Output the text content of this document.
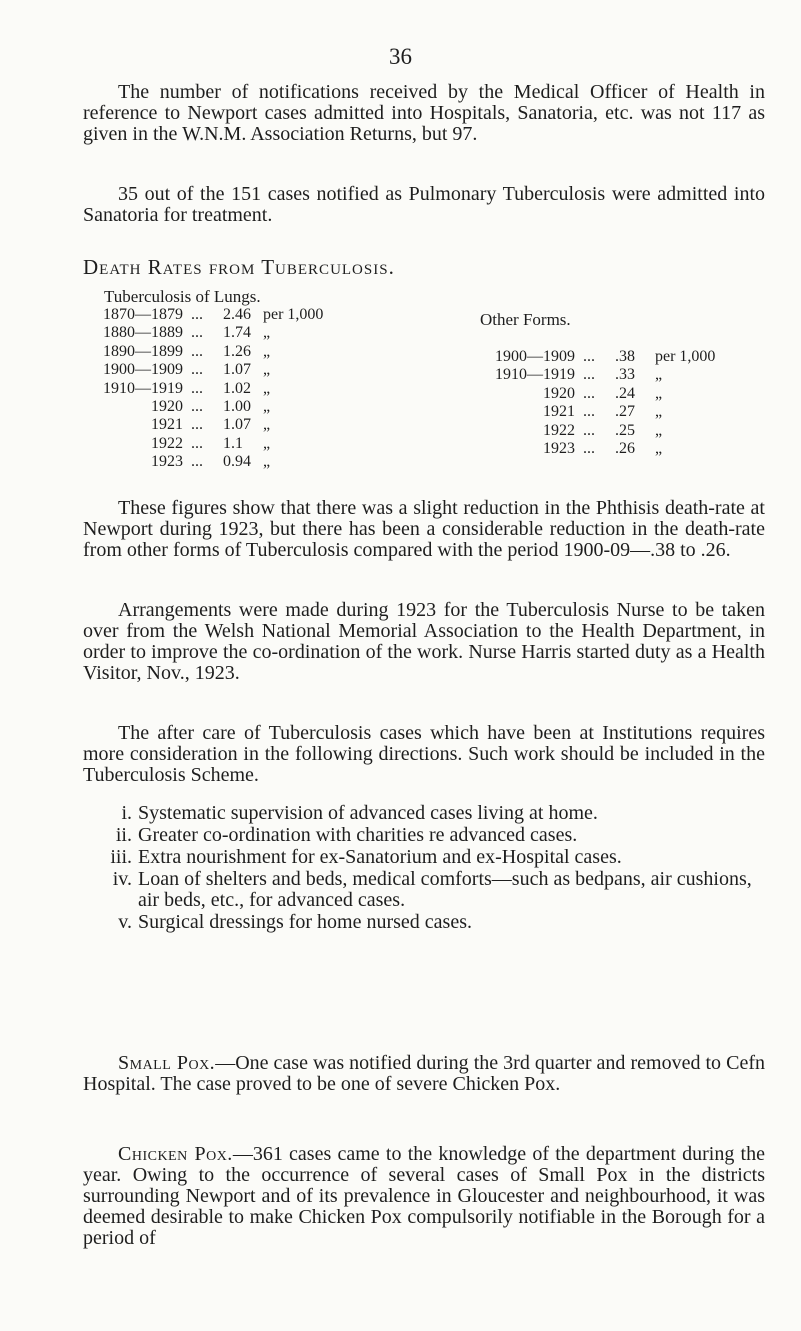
36

The number of notifications received by the Medical Officer of Health in reference to Newport cases admitted into Hospitals, Sanatoria, etc. was not 117 as given in the W.N.M. Association Returns, but 97.

35 out of the 151 cases notified as Pulmonary Tuberculosis were admitted into Sanatoria for treatment.

Death Rates from Tuberculosis.
Tuberculosis of Lungs.
1870—1879 ...	2.46 per 1,000
1880—1889 ...	1.74 „
1890—1899 ...	1.26 „
1900—1909 ...	1.07 „
1910—1919 ...	1.02 „
1920 ...	1.00 „
1921 ...	1.07 „
1922 ...	1.1	„
1923 ...	0.94 „
Other Forms.
1900—1909 ...	.38	per 1,000
1910—1919 ...	.33	„
1920 ...	.24	„
1921 ...	.27	„
1922 ...	.25	„
1923 ...	.26	„

These figures show that there was a slight reduction in the Phthisis death-rate at Newport during 1923, but there has been a considerable reduction in the death-rate from other forms of Tuberculosis compared with the period 1900-09—.38 to .26.

Arrangements were made during 1923 for the Tuberculosis Nurse to be taken over from the Welsh National Memorial Association to the Health Department, in order to improve the co-ordination of the work. Nurse Harris started duty as a Health Visitor, Nov., 1923.

The after care of Tuberculosis cases which have been at Institutions requires more consideration in the following directions. Such work should be included in the Tuberculosis Scheme.

i. Systematic supervision of advanced cases living at home.
ii. Greater co-ordination with charities re advanced cases.
iii. Extra nourishment for ex-Sanatorium and ex-Hospital cases.
iv. Loan of shelters and beds, medical comforts—such as bedpans, air cushions, air beds, etc., for advanced cases.
v. Surgical dressings for home nursed cases.

Small Pox.—One case was notified during the 3rd quarter and removed to Cefn Hospital. The case proved to be one of severe Chicken Pox.

Chicken Pox.—361 cases came to the knowledge of the department during the year. Owing to the occurrence of several cases of Small Pox in the districts surrounding Newport and of its prevalence in Gloucester and neighbourhood, it was deemed desirable to make Chicken Pox compulsorily notifiable in the Borough for a period of
